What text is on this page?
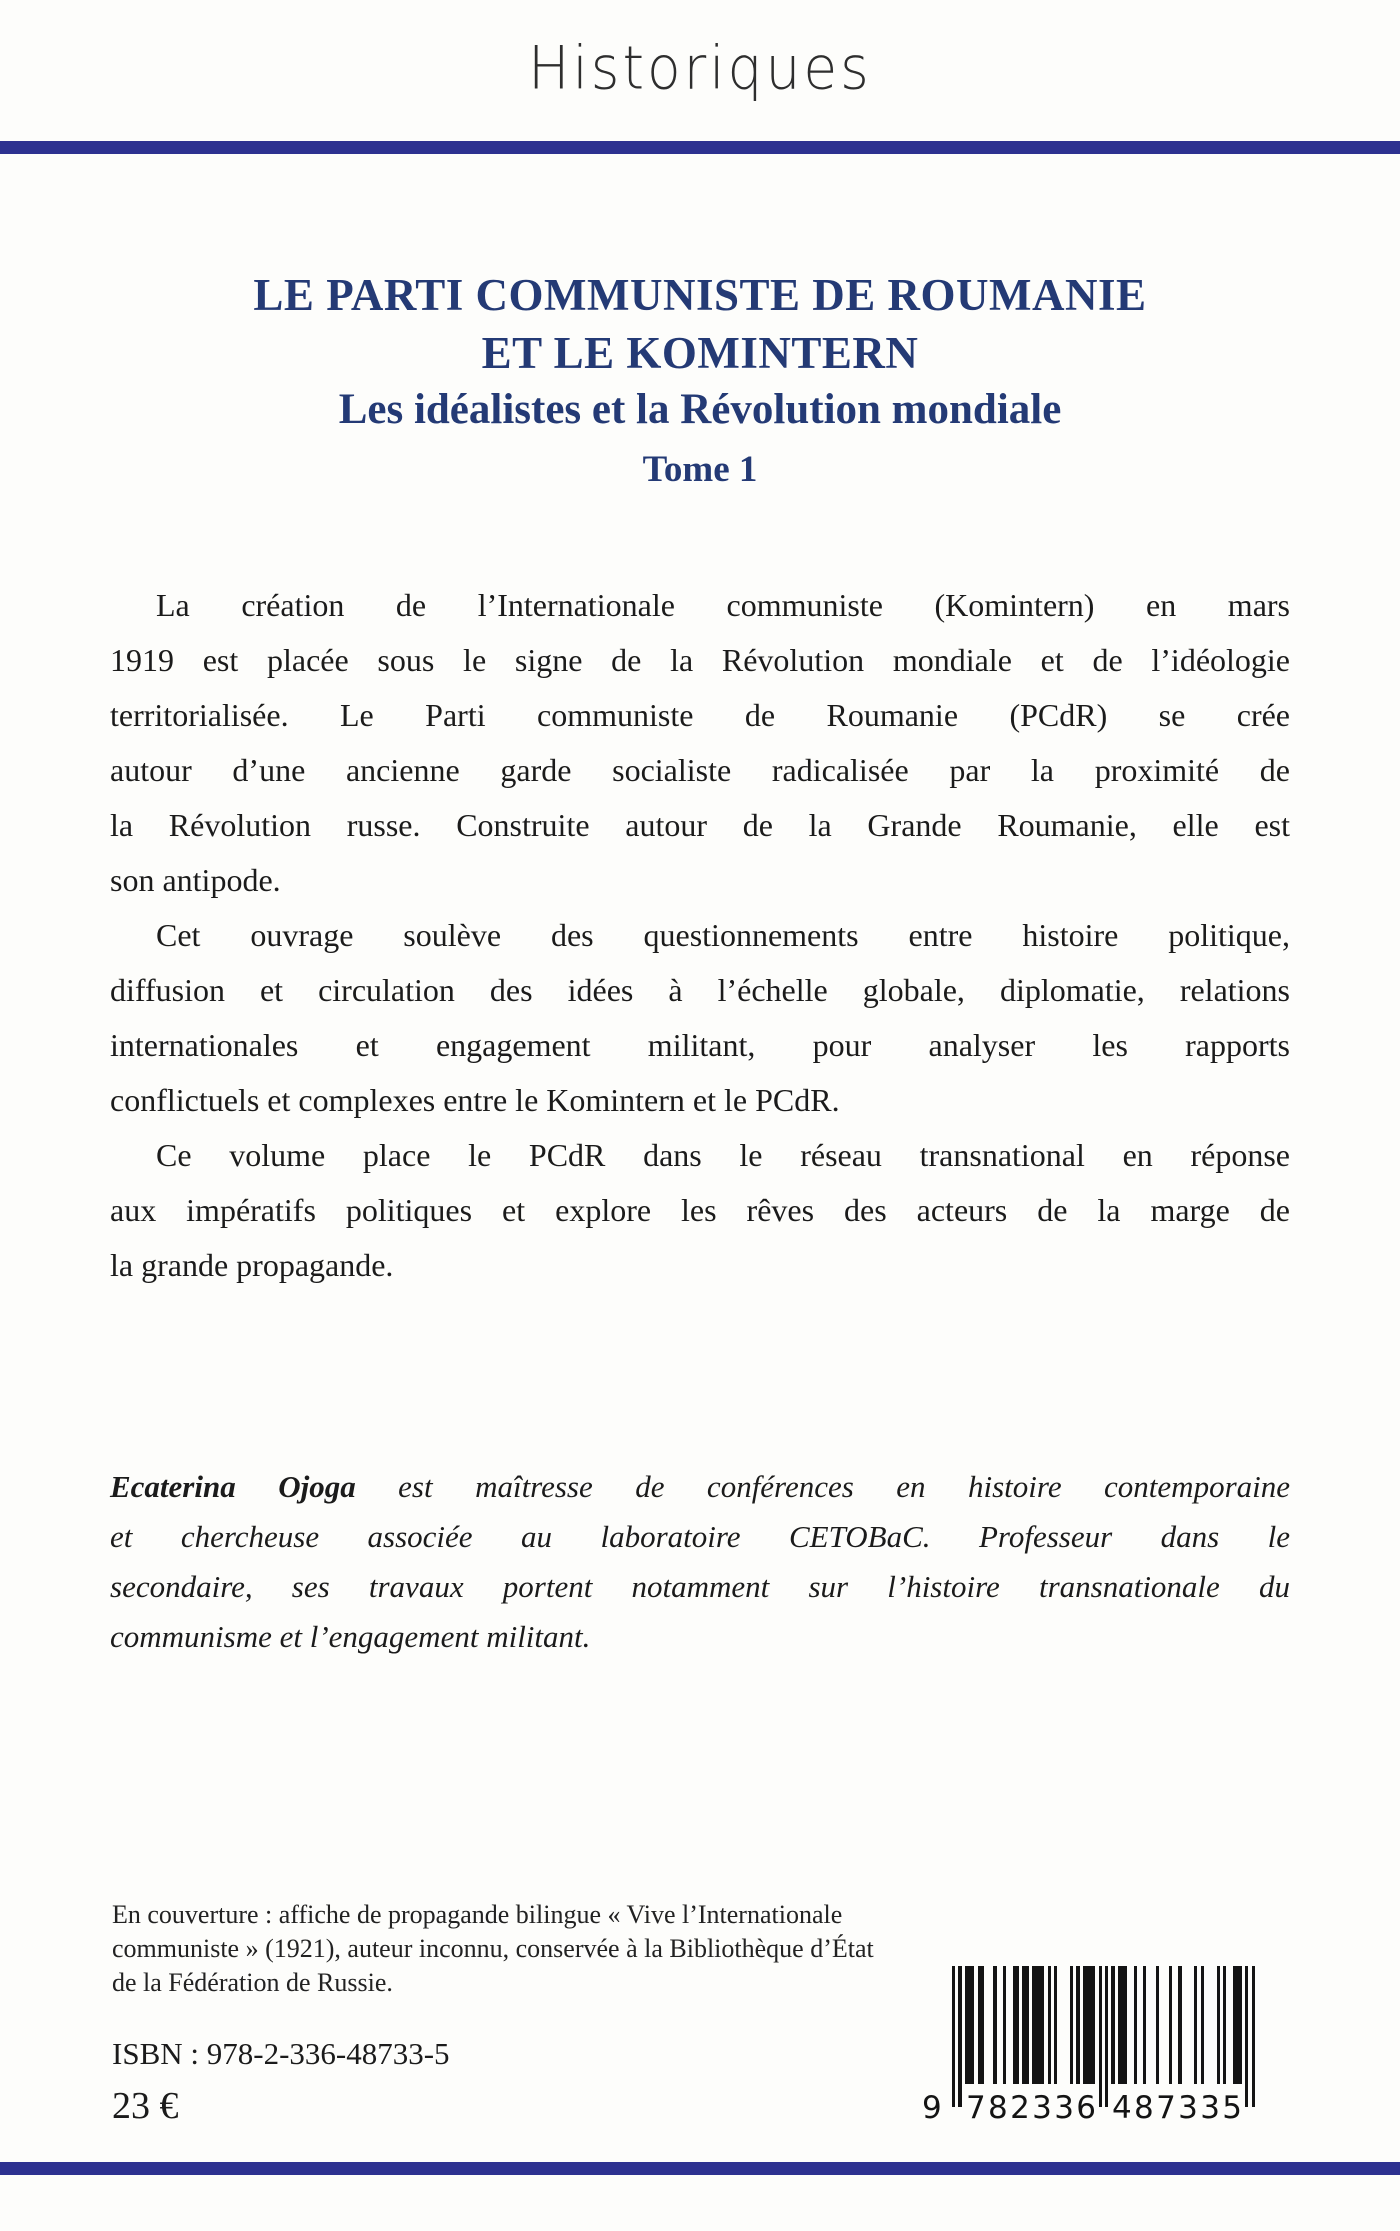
Historiques
LE PARTI COMMUNISTE DE ROUMANIE
ET LE KOMINTERN
Les idéalistes et la Révolution mondiale
Tome 1
La création de l’Internationale communiste (Komintern) en mars
1919 est placée sous le signe de la Révolution mondiale et de l’idéologie
territorialisée. Le Parti communiste de Roumanie (PCdR) se crée
autour d’une ancienne garde socialiste radicalisée par la proximité de
la Révolution russe. Construite autour de la Grande Roumanie, elle est
son antipode.
Cet ouvrage soulève des questionnements entre histoire politique,
diffusion et circulation des idées à l’échelle globale, diplomatie, relations
internationales et engagement militant, pour analyser les rapports
conflictuels et complexes entre le Komintern et le PCdR.
Ce volume place le PCdR dans le réseau transnational en réponse
aux impératifs politiques et explore les rêves des acteurs de la marge de
la grande propagande.
Ecaterina Ojoga est maîtresse de conférences en histoire contemporaine
et chercheuse associée au laboratoire CETOBaC. Professeur dans le
secondaire, ses travaux portent notamment sur l’histoire transnationale du
communisme et l’engagement militant.
En couverture : affiche de propagande bilingue « Vive l’Internationale
communiste » (1921), auteur inconnu, conservée à la Bibliothèque d’État
de la Fédération de Russie.
ISBN : 978-2-336-48733-5
23 €	9 7 8 2 3 3 6 4 8 7 3 3 5
